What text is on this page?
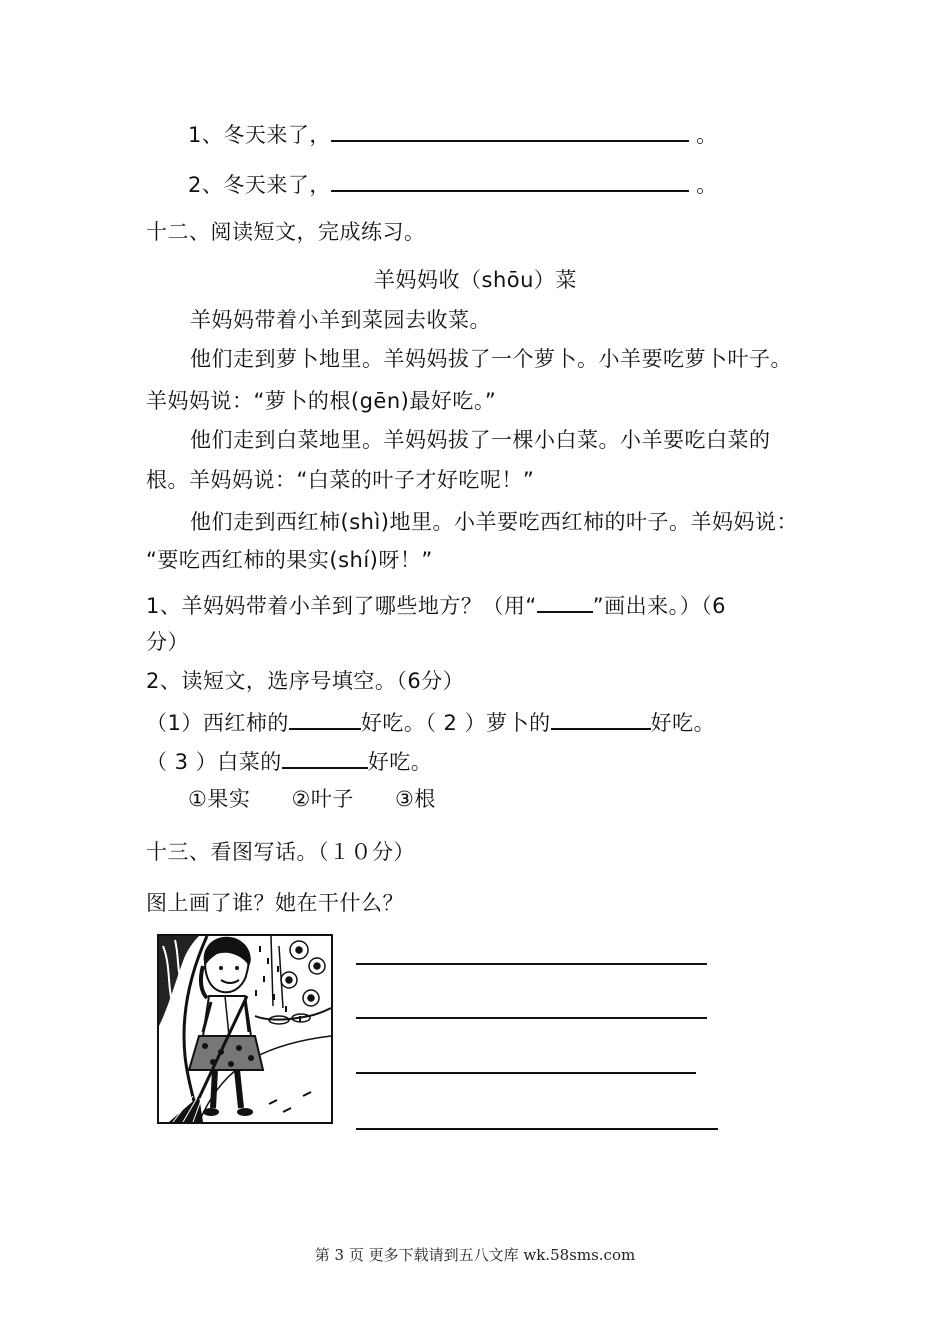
1、冬天来了，	。
2、冬天来了，	。
十二、阅读短文，完成练习。
羊妈妈收（shōu）菜
羊妈妈带着小羊到菜园去收菜。
他们走到萝卜地里。羊妈妈拔了一个萝卜。小羊要吃萝卜叶子。
羊妈妈说：“萝卜的根(gēn)最好吃。”
他们走到白菜地里。羊妈妈拔了一棵小白菜。小羊要吃白菜的
根。羊妈妈说：“白菜的叶子才好吃呢！”
他们走到西红柿(shì)地里。小羊要吃西红柿的叶子。羊妈妈说：
“要吃西红柿的果实(shí)呀！”
1、羊妈妈带着小羊到了哪些地方？（用“	”画出来。）（6
分）
2、读短文，选序号填空。（6分）
（1）西红柿的	好吃。（ 2 ）萝卜的	好吃。
（ 3 ）白菜的	好吃。
①果实 ②叶子 ③根
十三、看图写话。（１０分）
图上画了谁？她在干什么？
第 3 页 更多下载请到五八文库 wk.58sms.com
